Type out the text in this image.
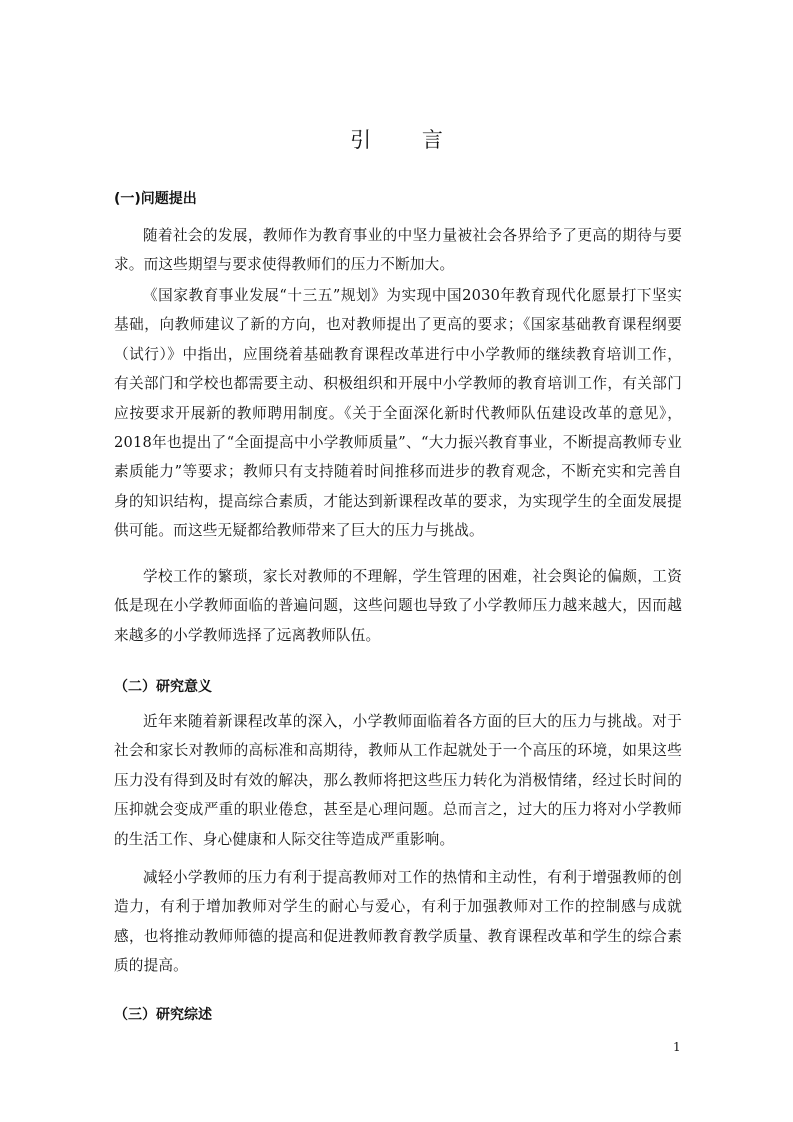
引 言
(一)问题提出

随着社会的发展，教师作为教育事业的中坚力量被社会各界给予了更高的期待与要求。而这些期望与要求使得教师们的压力不断加大。

《国家教育事业发展“十三五”规划》为实现中国2030年教育现代化愿景打下坚实基础，向教师建议了新的方向，也对教师提出了更高的要求；《国家基础教育课程纲要（试行）》中指出，应围绕着基础教育课程改革进行中小学教师的继续教育培训工作，有关部门和学校也都需要主动、积极组织和开展中小学教师的教育培训工作，有关部门应按要求开展新的教师聘用制度。《关于全面深化新时代教师队伍建设改革的意见》，2018年也提出了“全面提高中小学教师质量”、“大力振兴教育事业，不断提高教师专业素质能力”等要求；教师只有支持随着时间推移而进步的教育观念，不断充实和完善自身的知识结构，提高综合素质，才能达到新课程改革的要求，为实现学生的全面发展提供可能。而这些无疑都给教师带来了巨大的压力与挑战。

学校工作的繁琐，家长对教师的不理解，学生管理的困难，社会舆论的偏颇，工资低是现在小学教师面临的普遍问题，这些问题也导致了小学教师压力越来越大，因而越来越多的小学教师选择了远离教师队伍。

（二）研究意义

近年来随着新课程改革的深入，小学教师面临着各方面的巨大的压力与挑战。对于社会和家长对教师的高标准和高期待，教师从工作起就处于一个高压的环境，如果这些压力没有得到及时有效的解决，那么教师将把这些压力转化为消极情绪，经过长时间的压抑就会变成严重的职业倦怠，甚至是心理问题。总而言之，过大的压力将对小学教师的生活工作、身心健康和人际交往等造成严重影响。

减轻小学教师的压力有利于提高教师对工作的热情和主动性，有利于增强教师的创造力，有利于增加教师对学生的耐心与爱心，有利于加强教师对工作的控制感与成就感，也将推动教师师德的提高和促进教师教育教学质量、教育课程改革和学生的综合素质的提高。

（三）研究综述
1
